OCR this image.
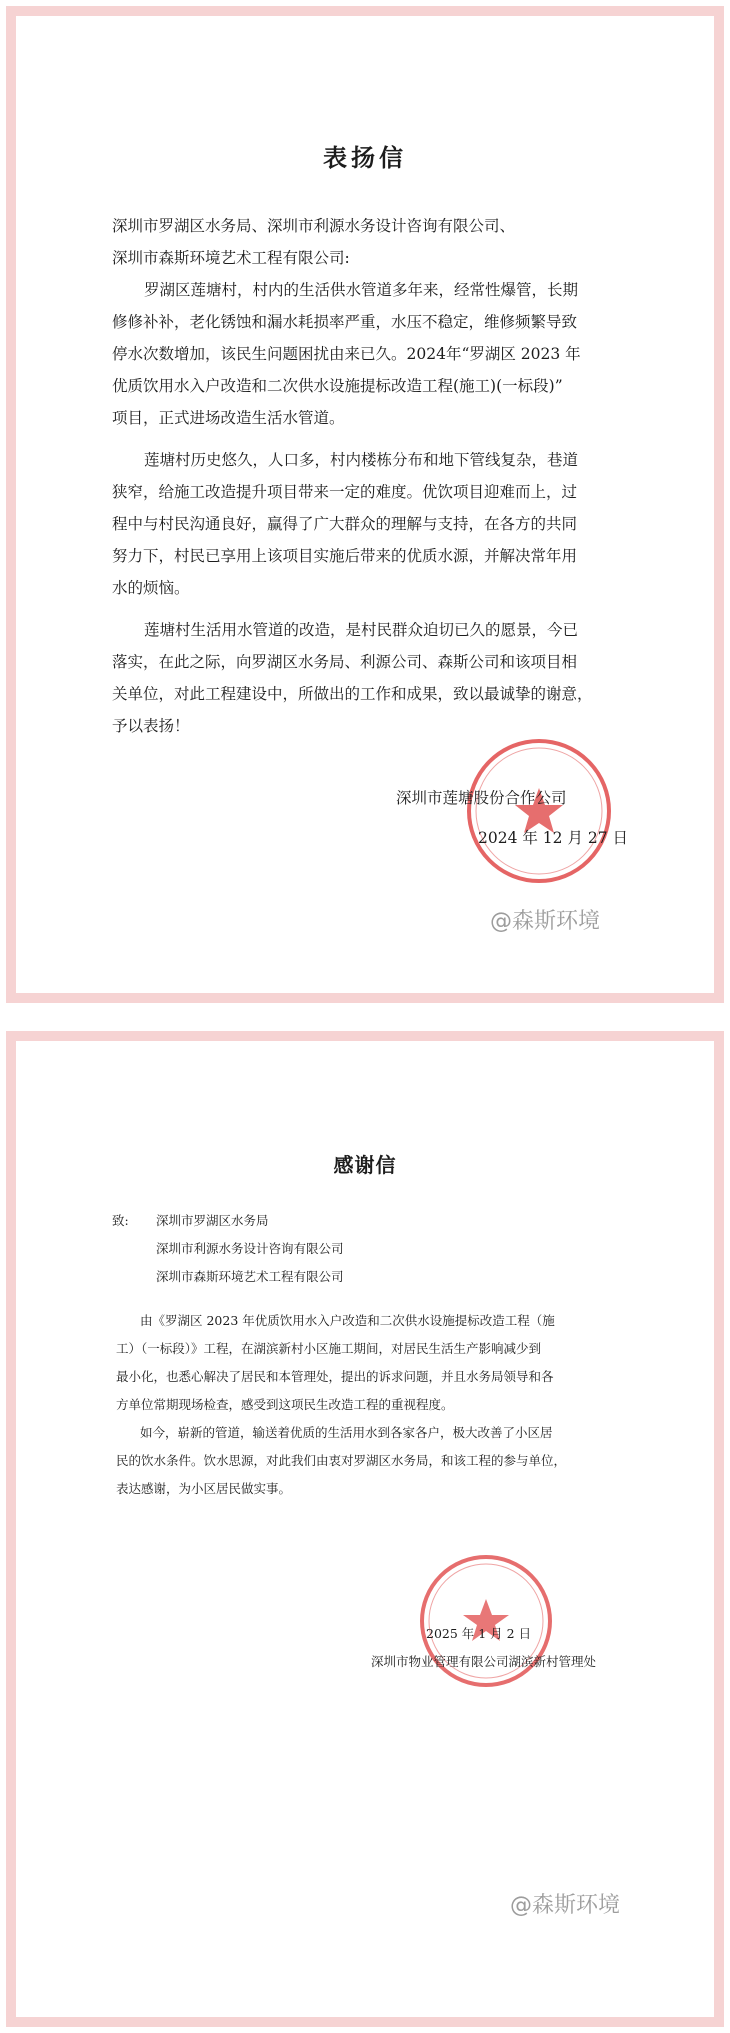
表扬信
深圳市罗湖区水务局、深圳市利源水务设计咨询有限公司、
深圳市森斯环境艺术工程有限公司:
罗湖区莲塘村，村内的生活供水管道多年来，经常性爆管，长期
修修补补，老化锈蚀和漏水耗损率严重，水压不稳定，维修频繁导致
停水次数增加，该民生问题困扰由来已久。2024年“罗湖区 2023 年
优质饮用水入户改造和二次供水设施提标改造工程(施工)(一标段)”
项目，正式进场改造生活水管道。
莲塘村历史悠久，人口多，村内楼栋分布和地下管线复杂，巷道
狭窄，给施工改造提升项目带来一定的难度。优饮项目迎难而上，过
程中与村民沟通良好，赢得了广大群众的理解与支持，在各方的共同
努力下，村民已享用上该项目实施后带来的优质水源，并解决常年用
水的烦恼。
莲塘村生活用水管道的改造，是村民群众迫切已久的愿景，今已
落实，在此之际，向罗湖区水务局、利源公司、森斯公司和该项目相
关单位，对此工程建设中，所做出的工作和成果，致以最诚挚的谢意，
予以表扬！
深圳市莲塘股份合作公司
2024 年 12 月 27 日
@森斯环境
感谢信
致: 深圳市罗湖区水务局
深圳市利源水务设计咨询有限公司
深圳市森斯环境艺术工程有限公司
由《罗湖区 2023 年优质饮用水入户改造和二次供水设施提标改造工程（施
工）（一标段）》工程，在湖滨新村小区施工期间，对居民生活生产影响减少到
最小化，也悉心解决了居民和本管理处，提出的诉求问题，并且水务局领导和各
方单位常期现场检查，感受到这项民生改造工程的重视程度。
如今，崭新的管道，输送着优质的生活用水到各家各户，极大改善了小区居
民的饮水条件。饮水思源，对此我们由衷对罗湖区水务局，和该工程的参与单位，
表达感谢，为小区居民做实事。
2025 年 1 月 2 日
深圳市物业管理有限公司湖滨新村管理处
@森斯环境
